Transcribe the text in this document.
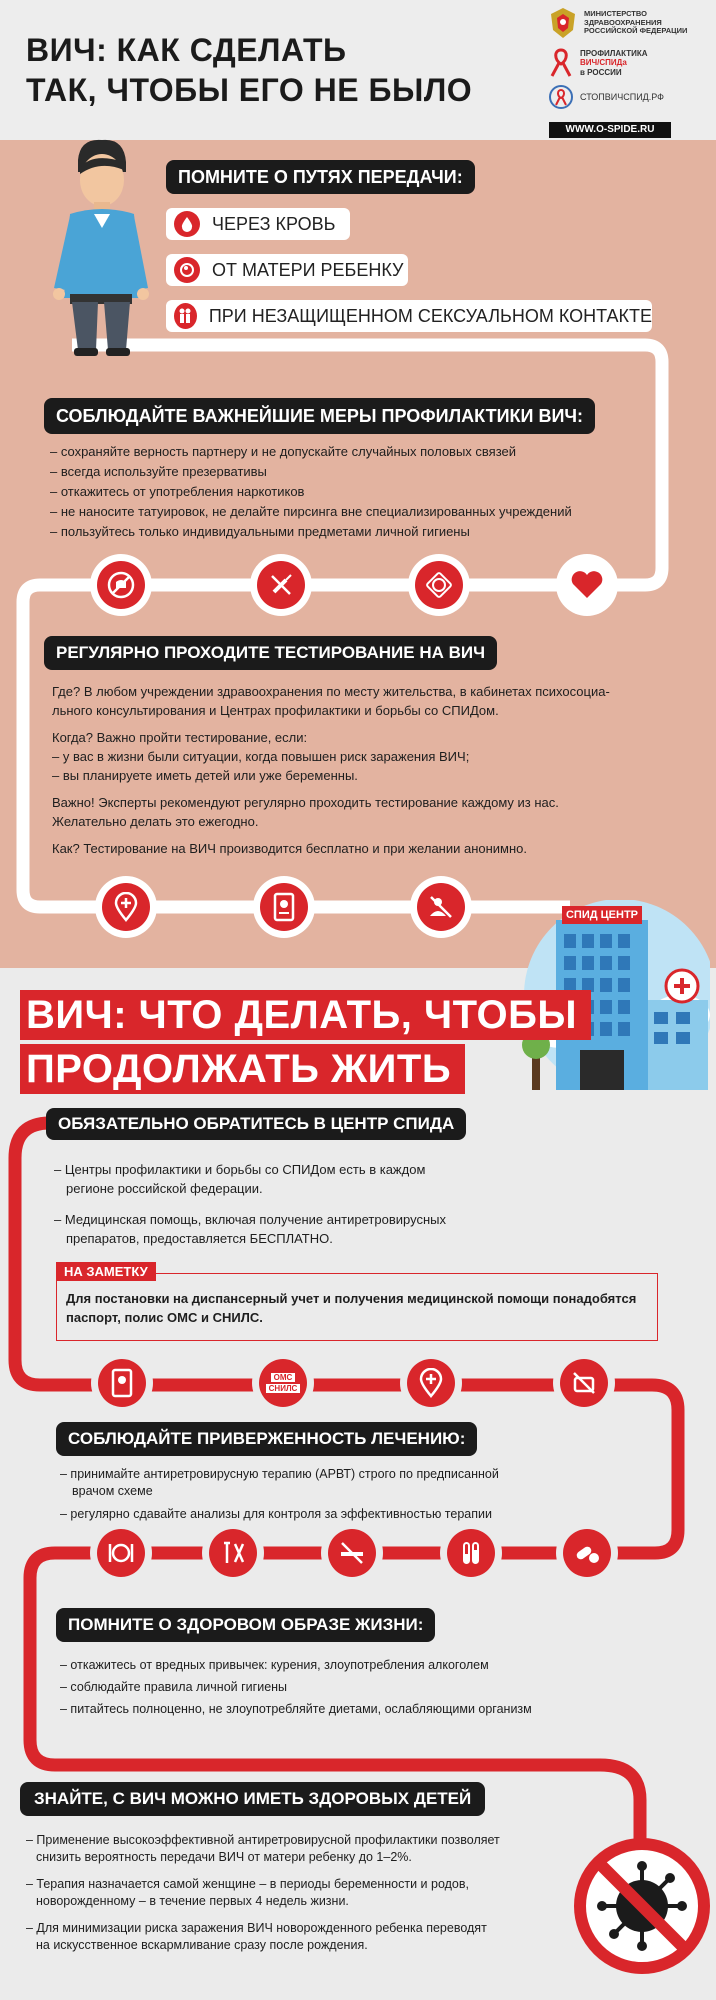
ВИЧ: КАК СДЕЛАТЬ
ТАК, ЧТОБЫ ЕГО НЕ БЫЛО
МИНИСТЕРСТВО
ЗДРАВООХРАНЕНИЯ
РОССИЙСКОЙ ФЕДЕРАЦИИ
ПРОФИЛАКТИКА
ВИЧ/СПИДа
в РОССИИ
СТОПВИЧСПИД.РФ
WWW.O-SPIDE.RU
ПОМНИТЕ О ПУТЯХ ПЕРЕДАЧИ:
ЧЕРЕЗ КРОВЬ
ОТ МАТЕРИ РЕБЕНКУ
ПРИ НЕЗАЩИЩЕННОМ СЕКСУАЛЬНОМ КОНТАКТЕ
СОБЛЮДАЙТЕ ВАЖНЕЙШИЕ МЕРЫ ПРОФИЛАКТИКИ ВИЧ:
– сохраняйте верность партнеру и не допускайте случайных половых связей
– всегда используйте презервативы
– откажитесь от употребления наркотиков
– не наносите татуировок, не делайте пирсинга вне специализированных учреждений
– пользуйтесь только индивидуальными предметами личной гигиены
РЕГУЛЯРНО ПРОХОДИТЕ ТЕСТИРОВАНИЕ НА ВИЧ

Где? В любом учреждении здравоохранения по месту жительства, в кабинетах психосоциа-
льного консультирования и Центрах профилактики и борьбы со СПИДом.

Когда? Важно пройти тестирование, если:
– у вас в жизни были ситуации, когда повышен риск заражения ВИЧ;
– вы планируете иметь детей или уже беременны.

Важно! Эксперты рекомендуют регулярно проходить тестирование каждому из нас.
Желательно делать это ежегодно.

Как? Тестирование на ВИЧ производится бесплатно и при желании анонимно.

СПИД ЦЕНТР
ВИЧ: ЧТО ДЕЛАТЬ, ЧТОБЫ
ПРОДОЛЖАТЬ ЖИТЬ
ОБЯЗАТЕЛЬНО ОБРАТИТЕСЬ В ЦЕНТР СПИДА

– Центры профилактики и борьбы со СПИДом есть в каждом
регионе российской федерации.

– Медицинская помощь, включая получение антиретровирусных
препаратов, предоставляется БЕСПЛАТНО.

НА ЗАМЕТКУ
Для постановки на диспансерный учет и получения медицинской помощи понадобятся
паспорт, полис ОМС и СНИЛС.
ОМС
СНИЛС
СОБЛЮДАЙТЕ ПРИВЕРЖЕННОСТЬ ЛЕЧЕНИЮ:

– принимайте антиретровирусную терапию (АРВТ) строго по предписанной
врачом схеме

– регулярно сдавайте анализы для контроля за эффективностью терапии

ПОМНИТЕ О ЗДОРОВОМ ОБРАЗЕ ЖИЗНИ:
– откажитесь от вредных привычек: курения, злоупотребления алкоголем
– соблюдайте правила личной гигиены
– питайтесь полноценно, не злоупотребляйте диетами, ослабляющими организм
ЗНАЙТЕ, С ВИЧ МОЖНО ИМЕТЬ ЗДОРОВЫХ ДЕТЕЙ

– Применение высокоэффективной антиретровирусной профилактики позволяет
снизить вероятность передачи ВИЧ от матери ребенку до 1–2%.

– Терапия назначается самой женщине – в периоды беременности и родов,
новорожденному – в течение первых 4 недель жизни.

– Для минимизации риска заражения ВИЧ новорожденного ребенка переводят
на искусственное вскармливание сразу после рождения.
